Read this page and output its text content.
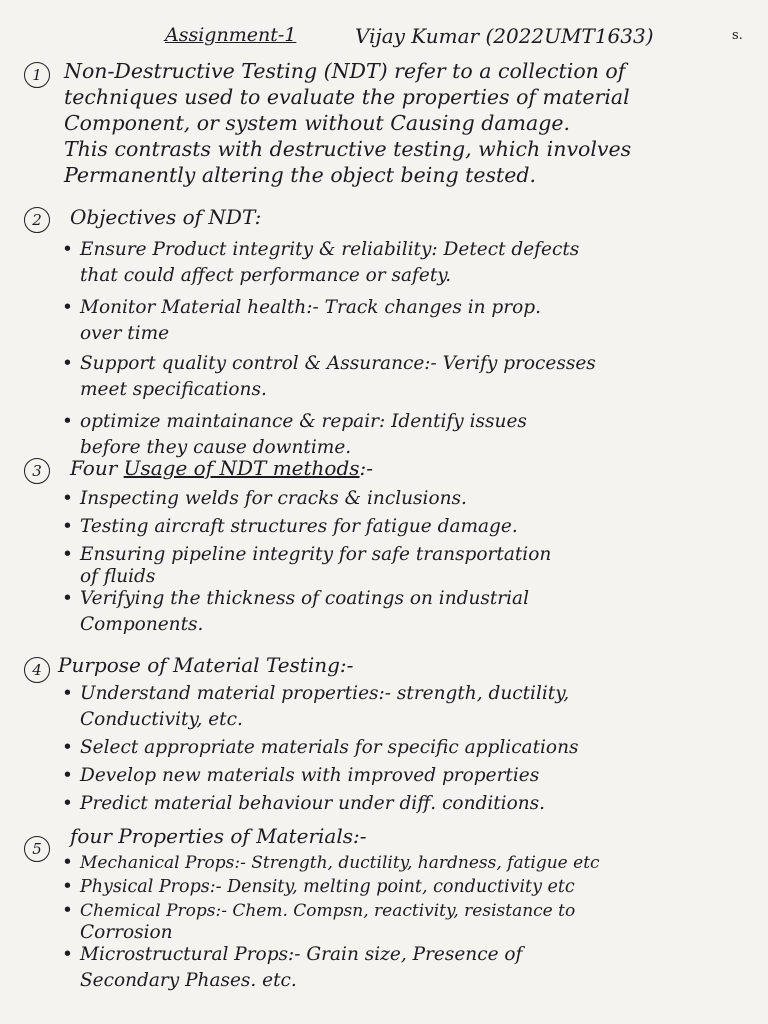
Assignment-1	Vijay Kumar (2022UMT1633)	s.
1	Non-Destructive Testing (NDT) refer to a collection of
techniques used to evaluate the properties of material
Component, or system without Causing damage.
This contrasts with destructive testing, which involves
Permanently altering the object being tested.
2	Objectives of NDT:
• Ensure Product integrity & reliability: Detect defects
that could affect performance or safety.
• Monitor Material health:- Track changes in prop.
over time
• Support quality control & Assurance:- Verify processes
meet specifications.
• optimize maintainance & repair: Identify issues
before they cause downtime.
3	Four Usage of NDT methods:-
• Inspecting welds for cracks & inclusions.
• Testing aircraft structures for fatigue damage.
• Ensuring pipeline integrity for safe transportation
of fluids
• Verifying the thickness of coatings on industrial
Components.
4 Purpose of Material Testing:-
• Understand material properties:- strength, ductility,
Conductivity, etc.
• Select appropriate materials for specific applications
• Develop new materials with improved properties
• Predict material behaviour under diff. conditions.
5
four Properties of Materials:-
• Mechanical Props:- Strength, ductility, hardness, fatigue etc
• Physical Props:- Density, melting point, conductivity etc
• Chemical Props:- Chem. Compsn, reactivity, resistance to
Corrosion
• Microstructural Props:- Grain size, Presence of
Secondary Phases. etc.
